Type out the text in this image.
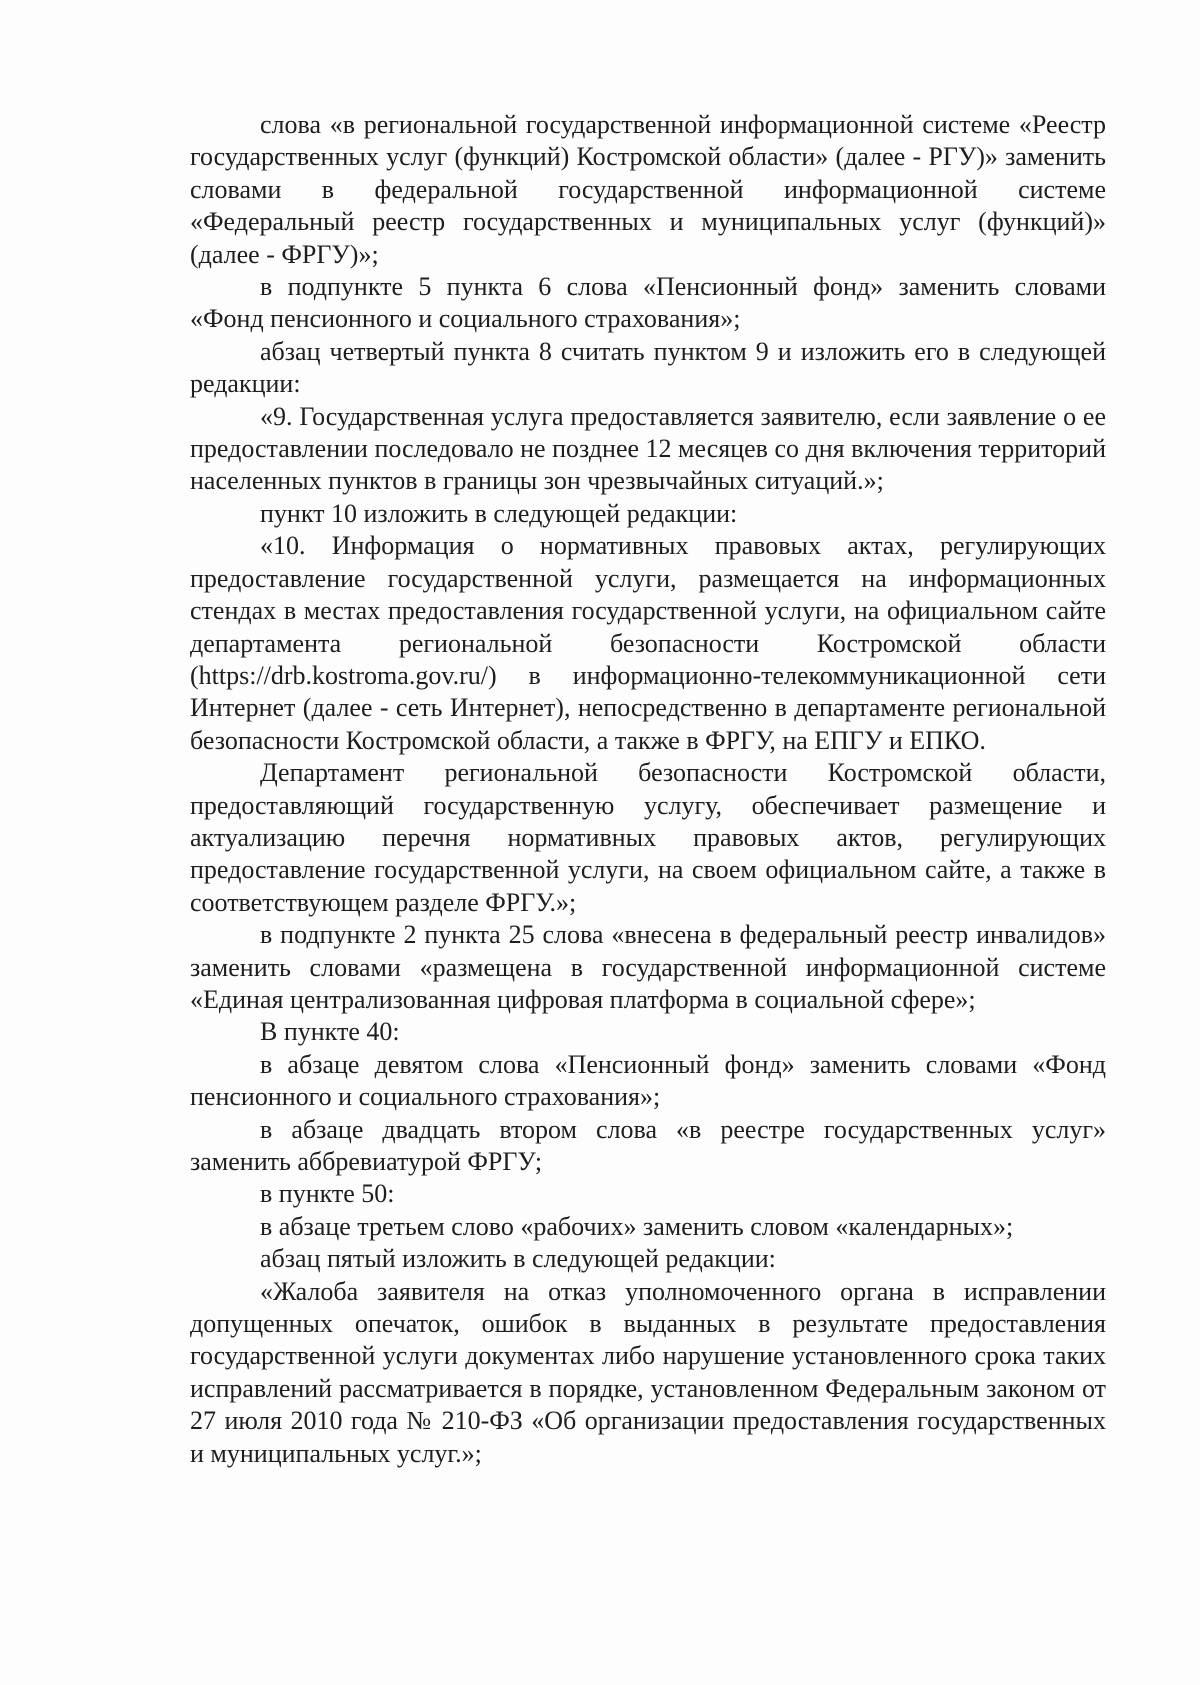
слова «в региональной государственной информационной системе «Реестр государственных услуг (функций) Костромской области» (далее - РГУ)» заменить словами в федеральной государственной информационной системе «Федеральный реестр государственных и муниципальных услуг (функций)» (далее - ФРГУ)»;

в подпункте 5 пункта 6 слова «Пенсионный фонд» заменить словами «Фонд пенсионного и социального страхования»;

абзац четвертый пункта 8 считать пунктом 9 и изложить его в следующей редакции:

«9. Государственная услуга предоставляется заявителю, если заявление о ее предоставлении последовало не позднее 12 месяцев со дня включения территорий населенных пунктов в границы зон чрезвычайных ситуаций.»;

пункт 10 изложить в следующей редакции:

«10. Информация о нормативных правовых актах, регулирующих предоставление государственной услуги, размещается на информационных стендах в местах предоставления государственной услуги, на официальном сайте департамента региональной безопасности Костромской области (https://drb.kostroma.gov.ru/) в информационно-телекоммуникационной сети Интернет (далее - сеть Интернет), непосредственно в департаменте региональной безопасности Костромской области, а также в ФРГУ, на ЕПГУ и ЕПКО.

Департамент региональной безопасности Костромской области, предоставляющий государственную услугу, обеспечивает размещение и актуализацию перечня нормативных правовых актов, регулирующих предоставление государственной услуги, на своем официальном сайте, а также в соответствующем разделе ФРГУ.»;

в подпункте 2 пункта 25 слова «внесена в федеральный реестр инвалидов» заменить словами «размещена в государственной информационной системе «Единая централизованная цифровая платформа в социальной сфере»;

В пункте 40:

в абзаце девятом слова «Пенсионный фонд» заменить словами «Фонд пенсионного и социального страхования»;

в абзаце двадцать втором слова «в реестре государственных услуг» заменить аббревиатурой ФРГУ;

в пункте 50:

в абзаце третьем слово «рабочих» заменить словом «календарных»;

абзац пятый изложить в следующей редакции:

«Жалоба заявителя на отказ уполномоченного органа в исправлении допущенных опечаток, ошибок в выданных в результате предоставления государственной услуги документах либо нарушение установленного срока таких исправлений рассматривается в порядке, установленном Федеральным законом от 27 июля 2010 года № 210-ФЗ «Об организации предоставления государственных и муниципальных услуг.»;
